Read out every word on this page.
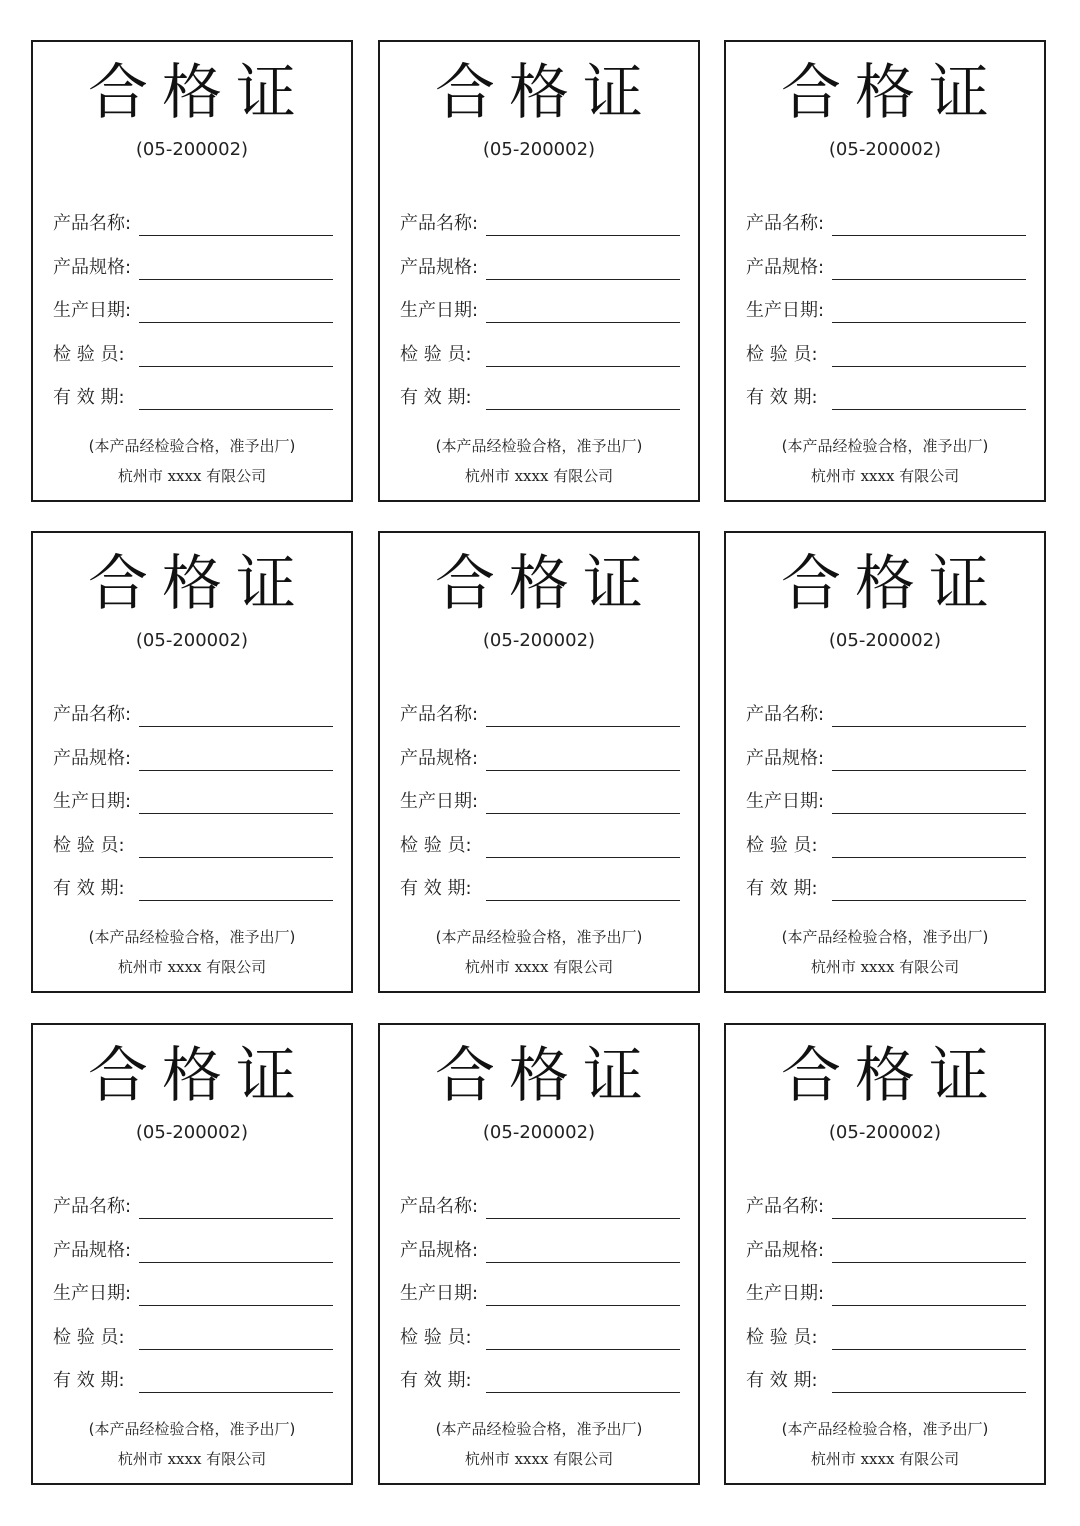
合格证
(05-200002)
产品名称:
产品规格:
生产日期:
检 验 员:
有 效 期:
(本产品经检验合格，准予出厂)
杭州市 xxxx 有限公司
合格证
(05-200002)
产品名称:
产品规格:
生产日期:
检 验 员:
有 效 期:
(本产品经检验合格，准予出厂)
杭州市 xxxx 有限公司
合格证
(05-200002)
产品名称:
产品规格:
生产日期:
检 验 员:
有 效 期:
(本产品经检验合格，准予出厂)
杭州市 xxxx 有限公司
合格证
(05-200002)
产品名称:
产品规格:
生产日期:
检 验 员:
有 效 期:
(本产品经检验合格，准予出厂)
杭州市 xxxx 有限公司
合格证
(05-200002)
产品名称:
产品规格:
生产日期:
检 验 员:
有 效 期:
(本产品经检验合格，准予出厂)
杭州市 xxxx 有限公司
合格证
(05-200002)
产品名称:
产品规格:
生产日期:
检 验 员:
有 效 期:
(本产品经检验合格，准予出厂)
杭州市 xxxx 有限公司
合格证
(05-200002)
产品名称:
产品规格:
生产日期:
检 验 员:
有 效 期:
(本产品经检验合格，准予出厂)
杭州市 xxxx 有限公司
合格证
(05-200002)
产品名称:
产品规格:
生产日期:
检 验 员:
有 效 期:
(本产品经检验合格，准予出厂)
杭州市 xxxx 有限公司
合格证
(05-200002)
产品名称:
产品规格:
生产日期:
检 验 员:
有 效 期:
(本产品经检验合格，准予出厂)
杭州市 xxxx 有限公司
